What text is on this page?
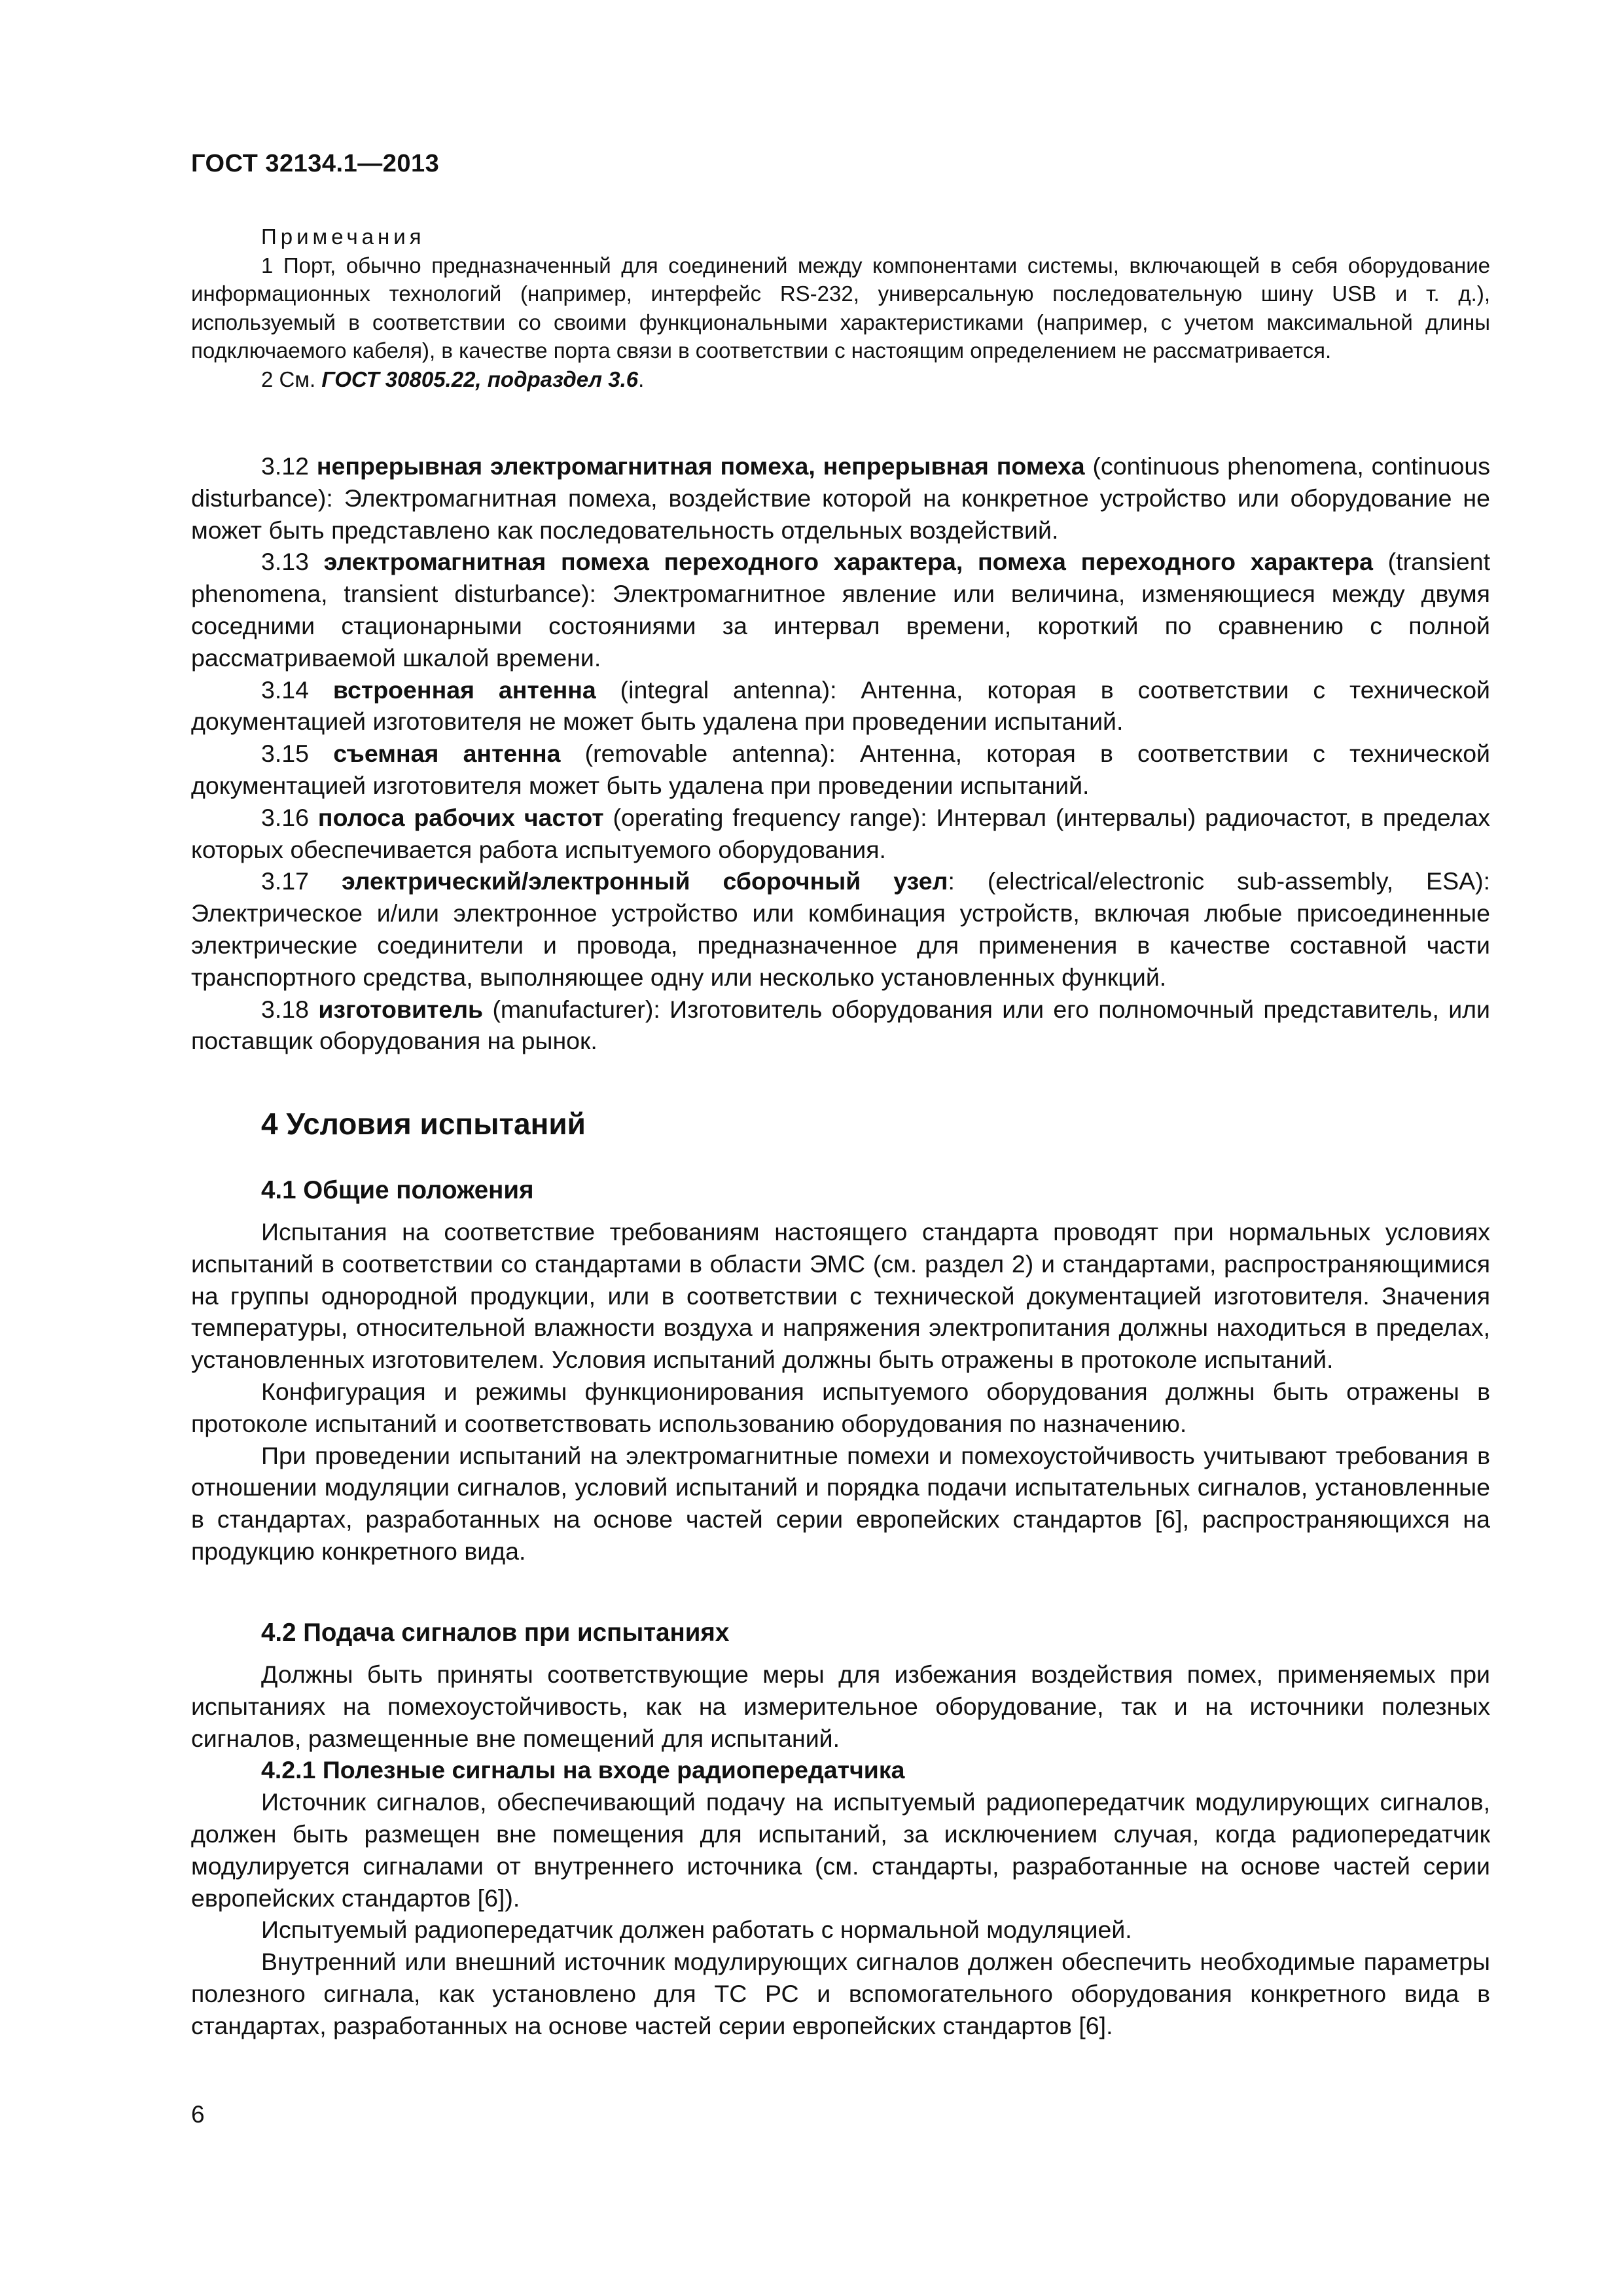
ГОСТ 32134.1—2013

Примечания

1 Порт, обычно предназначенный для соединений между компонентами системы, включающей в себя оборудование информационных технологий (например, интерфейс RS-232, универсальную последовательную шину USB и т. д.), используемый в соответствии со своими функциональными характеристиками (например, с учетом максимальной длины подключаемого кабеля), в качестве порта связи в соответствии с настоящим определением не рассматривается.

2 См. ГОСТ 30805.22, подраздел 3.6.

3.12 непрерывная электромагнитная помеха, непрерывная помеха (continuous phenomena, continuous disturbance): Электромагнитная помеха, воздействие которой на конкретное устройство или оборудование не может быть представлено как последовательность отдельных воздействий.

3.13 электромагнитная помеха переходного характера, помеха переходного характера (transient phenomena, transient disturbance): Электромагнитное явление или величина, изменяющиеся между двумя соседними стационарными состояниями за интервал времени, короткий по сравнению с полной рассматриваемой шкалой времени.

3.14 встроенная антенна (integral antenna): Антенна, которая в соответствии с технической документацией изготовителя не может быть удалена при проведении испытаний.

3.15 съемная антенна (removable antenna): Антенна, которая в соответствии с технической документацией изготовителя может быть удалена при проведении испытаний.

3.16 полоса рабочих частот (operating frequency range): Интервал (интервалы) радиочастот, в пределах которых обеспечивается работа испытуемого оборудования.

3.17 электрический/электронный сборочный узел: (electrical/electronic sub-assembly, ESA): Электрическое и/или электронное устройство или комбинация устройств, включая любые присоединенные электрические соединители и провода, предназначенное для применения в качестве составной части транспортного средства, выполняющее одну или несколько установленных функций.

3.18 изготовитель (manufacturer): Изготовитель оборудования или его полномочный представитель, или поставщик оборудования на рынок.

4 Условия испытаний
4.1 Общие положения

Испытания на соответствие требованиям настоящего стандарта проводят при нормальных условиях испытаний в соответствии со стандартами в области ЭМС (см. раздел 2) и стандартами, распространяющимися на группы однородной продукции, или в соответствии с технической документацией изготовителя. Значения температуры, относительной влажности воздуха и напряжения электропитания должны находиться в пределах, установленных изготовителем. Условия испытаний должны быть отражены в протоколе испытаний.

Конфигурация и режимы функционирования испытуемого оборудования должны быть отражены в протоколе испытаний и соответствовать использованию оборудования по назначению.

При проведении испытаний на электромагнитные помехи и помехоустойчивость учитывают требования в отношении модуляции сигналов, условий испытаний и порядка подачи испытательных сигналов, установленные в стандартах, разработанных на основе частей серии европейских стандартов [6], распространяющихся на продукцию конкретного вида.

4.2 Подача сигналов при испытаниях

Должны быть приняты соответствующие меры для избежания воздействия помех, применяемых при испытаниях на помехоустойчивость, как на измерительное оборудование, так и на источники полезных сигналов, размещенные вне помещений для испытаний.

4.2.1 Полезные сигналы на входе радиопередатчика

Источник сигналов, обеспечивающий подачу на испытуемый радиопередатчик модулирующих сигналов, должен быть размещен вне помещения для испытаний, за исключением случая, когда радиопередатчик модулируется сигналами от внутреннего источника (см. стандарты, разработанные на основе частей серии европейских стандартов [6]).

Испытуемый радиопередатчик должен работать с нормальной модуляцией.

Внутренний или внешний источник модулирующих сигналов должен обеспечить необходимые параметры полезного сигнала, как установлено для ТС РС и вспомогательного оборудования конкретного вида в стандартах, разработанных на основе частей серии европейских стандартов [6].

6
